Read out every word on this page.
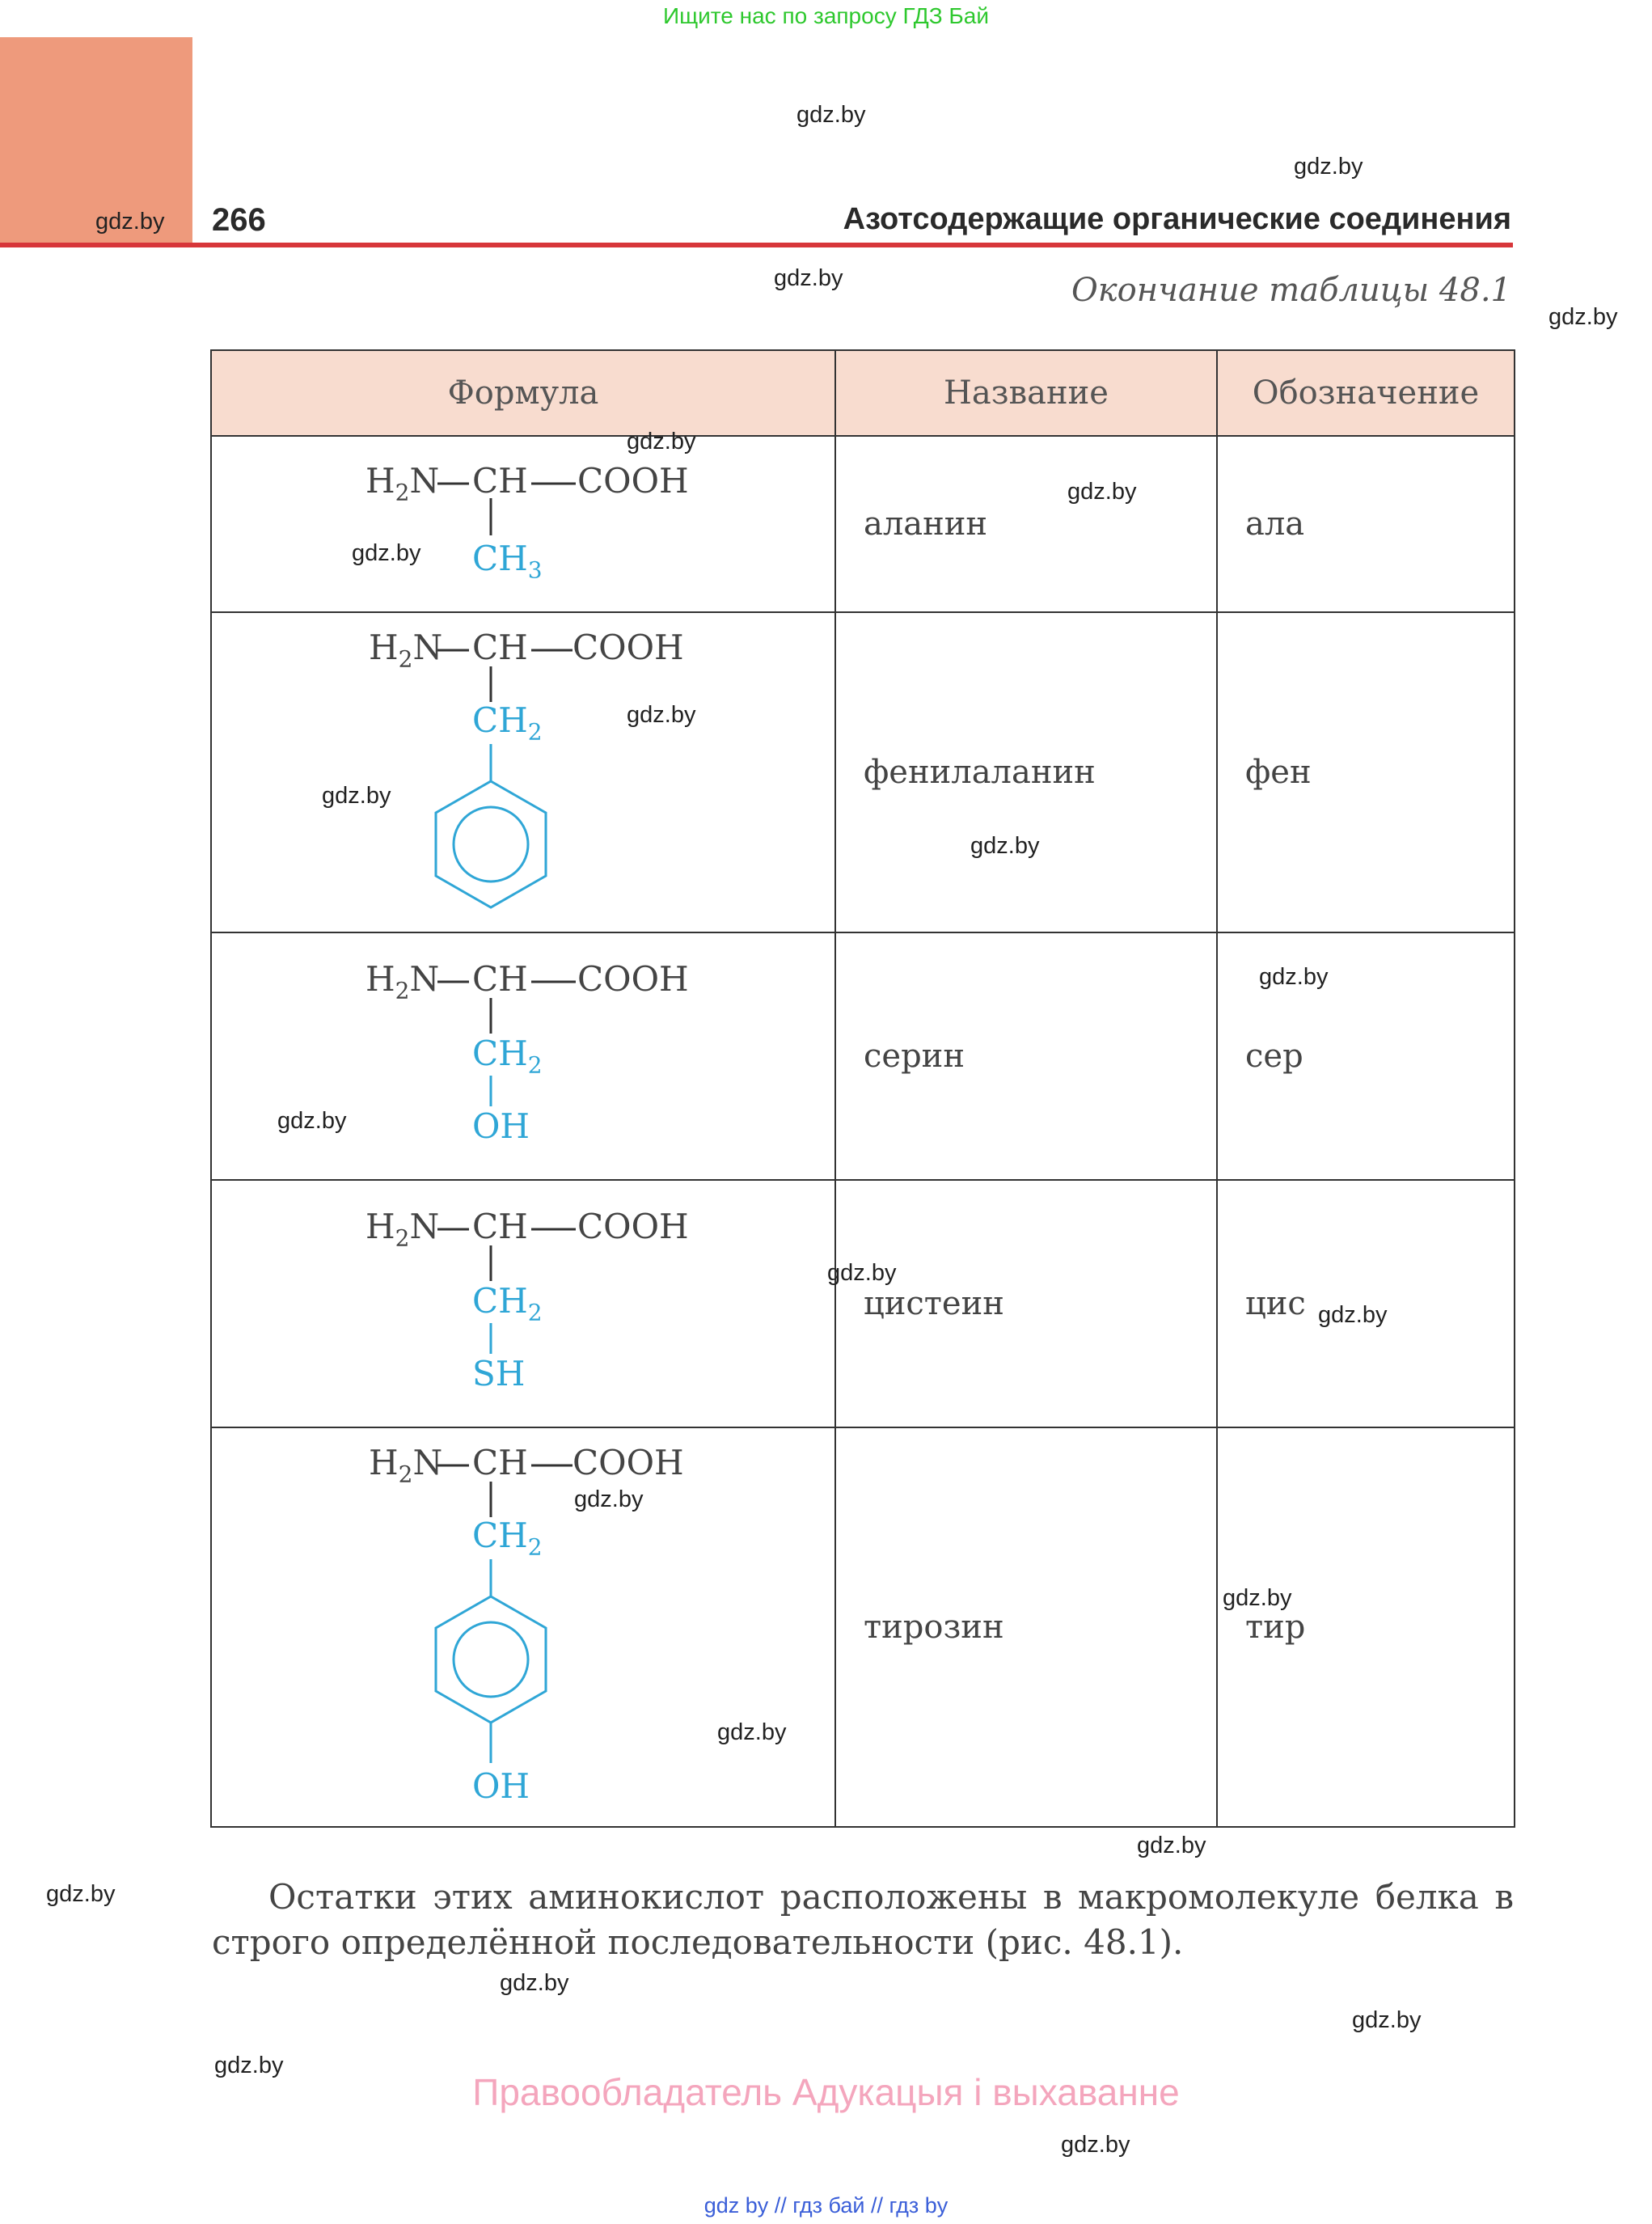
Ищите нас по запросу ГДЗ Бай
266	Азотсодержащие органические соединения
Окончание таблицы 48.1
Формула	Название	Обозначение

$H_2N$ CH COOH
$CH_3$	аланин	ала

$H_2N$ CH COOH
$CH_2$	фенилаланин	фен

$H_2N$ CH COOH
$CH_2$
OH	серин	сер

$H_2N$ CH COOH
$CH_2$
SH	цистеин	цис

$H_2N$ CH COOH
$CH_2$
OH	тирозин	тир
Остатки этих аминокислот расположены в макромолекуле белка в строго определённой последовательности (рис. 48.1).
Правообладатель Адукацыя і выхаванне
gdz by // гдз бай // гдз by
gdz.by
gdz.by
gdz.by
gdz.by
gdz.by
gdz.by
gdz.by
gdz.by
gdz.by
gdz.by
gdz.by
gdz.by
gdz.by
gdz.by
gdz.by
gdz.by
gdz.by
gdz.by
gdz.by
gdz.by
gdz.by
gdz.by
gdz.by
gdz.by
